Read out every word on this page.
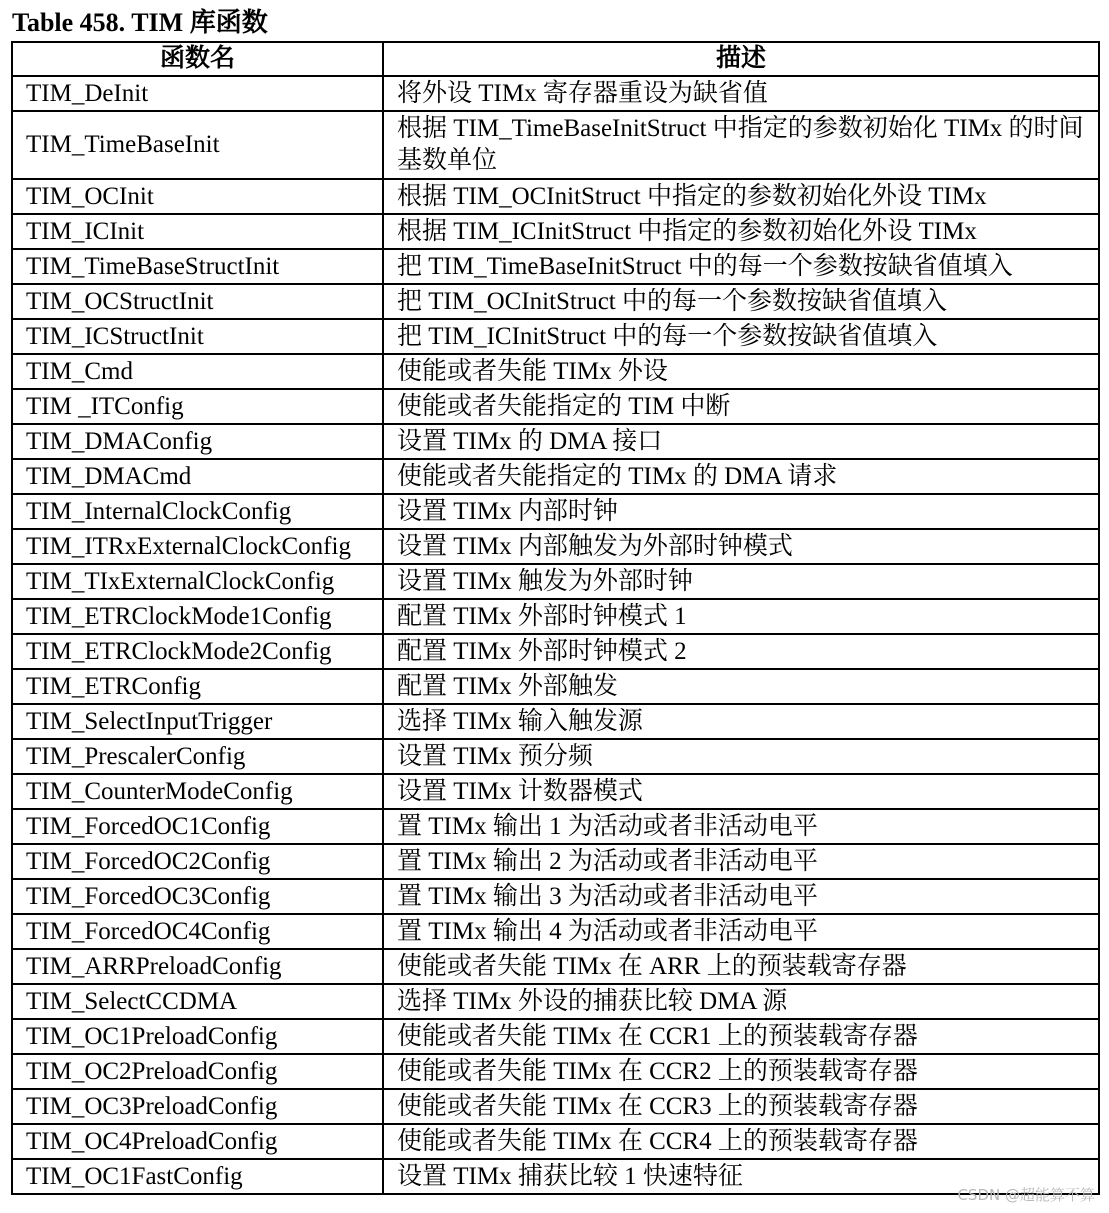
Table 458. TIM 库函数
函数名	描述
TIM_DeInit	将外设 TIMx 寄存器重设为缺省值
TIM_TimeBaseInit	根据 TIM_TimeBaseInitStruct 中指定的参数初始化 TIMx 的时间基数单位
TIM_OCInit	根据 TIM_OCInitStruct 中指定的参数初始化外设 TIMx
TIM_ICInit	根据 TIM_ICInitStruct 中指定的参数初始化外设 TIMx
TIM_TimeBaseStructInit	把 TIM_TimeBaseInitStruct 中的每一个参数按缺省值填入
TIM_OCStructInit	把 TIM_OCInitStruct 中的每一个参数按缺省值填入
TIM_ICStructInit	把 TIM_ICInitStruct 中的每一个参数按缺省值填入
TIM_Cmd	使能或者失能 TIMx 外设
TIM _ITConfig	使能或者失能指定的 TIM 中断
TIM_DMAConfig	设置 TIMx 的 DMA 接口
TIM_DMACmd	使能或者失能指定的 TIMx 的 DMA 请求
TIM_InternalClockConfig	设置 TIMx 内部时钟
TIM_ITRxExternalClockConfig	设置 TIMx 内部触发为外部时钟模式
TIM_TIxExternalClockConfig	设置 TIMx 触发为外部时钟
TIM_ETRClockMode1Config	配置 TIMx 外部时钟模式 1
TIM_ETRClockMode2Config	配置 TIMx 外部时钟模式 2
TIM_ETRConfig	配置 TIMx 外部触发
TIM_SelectInputTrigger	选择 TIMx 输入触发源
TIM_PrescalerConfig	设置 TIMx 预分频
TIM_CounterModeConfig	设置 TIMx 计数器模式
TIM_ForcedOC1Config	置 TIMx 输出 1 为活动或者非活动电平
TIM_ForcedOC2Config	置 TIMx 输出 2 为活动或者非活动电平
TIM_ForcedOC3Config	置 TIMx 输出 3 为活动或者非活动电平
TIM_ForcedOC4Config	置 TIMx 输出 4 为活动或者非活动电平
TIM_ARRPreloadConfig	使能或者失能 TIMx 在 ARR 上的预装载寄存器
TIM_SelectCCDMA	选择 TIMx 外设的捕获比较 DMA 源
TIM_OC1PreloadConfig	使能或者失能 TIMx 在 CCR1 上的预装载寄存器
TIM_OC2PreloadConfig	使能或者失能 TIMx 在 CCR2 上的预装载寄存器
TIM_OC3PreloadConfig	使能或者失能 TIMx 在 CCR3 上的预装载寄存器
TIM_OC4PreloadConfig	使能或者失能 TIMx 在 CCR4 上的预装载寄存器
TIM_OC1FastConfig	设置 TIMx 捕获比较 1 快速特征
CSDN @超能算不算
